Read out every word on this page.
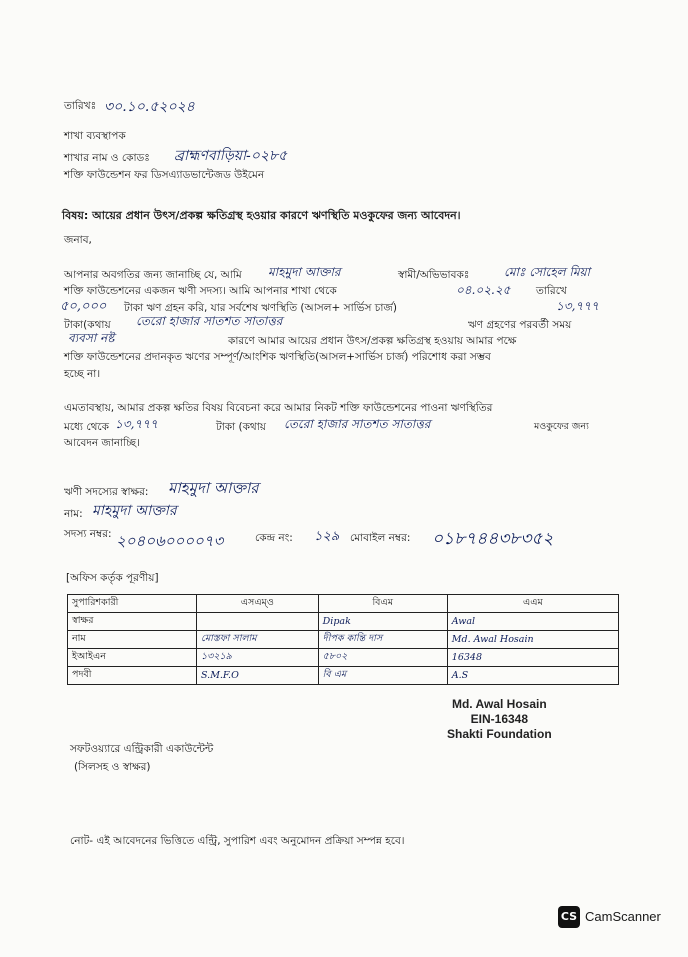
তারিখঃ ৩০.১০.৫২০২৪
শাখা ব্যবস্থাপক
শাখার নাম ও কোডঃ ব্রাহ্মণবাড়িয়া-০২৮৫
শক্তি ফাউন্ডেশন ফর ডিসএ্যাডভান্টেজড উইমেন
বিষয়: আয়ের প্রধান উৎস/প্রকল্প ক্ষতিগ্রস্থ হওয়ার কারণে ঋণস্থিতি মওকুফের জন্য আবেদন।
জনাব,
আপনার অবগতির জন্য জানাচ্ছি যে, আমি মাহমুদা আক্তার	স্বামী/অভিভাবকঃ	মোঃ সোহেল মিয়া
শক্তি ফাউন্ডেশনের একজন ঋণী সদস্য। আমি আপনার শাখা থেকে	০৪.০২.২৫ তারিখে
৫০,০০০ টাকা ঋণ গ্রহন করি, যার সর্বশেষ ঋণস্থিতি (আসল+ সার্ভিস চার্জ)	১৩,৭৭৭
টাকা(কথায় তেরো হাজার সাতশত সাতাত্তর	ঋণ গ্রহণের পরবর্তী সময়
ব্যবসা নষ্ট	কারণে আমার আয়ের প্রধান উৎস/প্রকল্প ক্ষতিগ্রস্থ হওয়ায় আমার পক্ষে
শক্তি ফাউন্ডেশনের প্রদানকৃত ঋণের সম্পূর্ণ/আংশিক ঋণস্থিতি(আসল+সার্ভিস চার্জ) পরিশোধ করা সম্ভব
হচ্ছে না।
এমতাবস্থায়, আমার প্রকল্প ক্ষতির বিষয় বিবেচনা করে আমার নিকট শক্তি ফাউন্ডেশনের পাওনা ঋণস্থিতির
মধ্যে থেকে ১৩,৭৭৭	টাকা (কথায় তেরো হাজার সাতশত সাতাত্তর	মওকুফের জন্য
আবেদন জানাচ্ছি।
ঋণী সদস্যের স্বাক্ষর: মাহমুদা আক্তার
নাম: মাহমুদা আক্তার
সদস্য নম্বর: ২০৪০৬০০০০৭৩	কেন্দ্র নং: ১২৯ মোবাইল নম্বর: ০১৮৭৪৪৩৮৩৫২
[অফিস কর্তৃক পূরণীয়]
সুপারিশকারী	এসএম্‌ও	বিএম	এএম
স্বাক্ষর		Dipak	Awal
নাম	মোস্তফা সালাম	দীপক কান্তি দাস	Md. Awal Hosain
ইআইএন	১৩২১৯	৫৮০২	16348
পদবী	S.M.F.O	বি এম	A.S
Md. Awal Hosain
EIN-16348
Shakti Foundation
সফটওয়্যারে এন্ট্রিকারী একাউন্টেন্ট
(সিলসহ ও স্বাক্ষর)
নোট- এই আবেদনের ভিত্তিতে এন্ট্রি, সুপারিশ এবং অনুমোদন প্রক্রিয়া সম্পন্ন হবে।
CS CamScanner
